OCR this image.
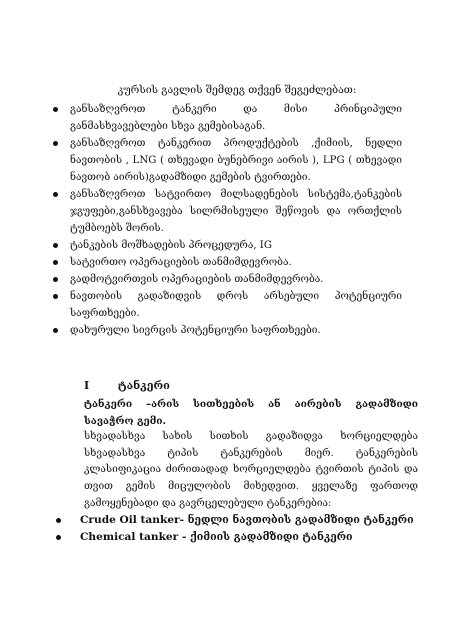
კურსის გავლის შემდეგ თქვენ შეგეძლებათ:
განსაზღვროთ ტანკერი და მისი პრინციპული განმასხვავებლები სხვა გემებისაგან.
განსაზღვროთ ტანკერით პროდუქტების ,ქიმიის, ნედლი ნავთობის , LNG ( თხევადი ბუნებრივი აირის ), LPG ( თხევადი ნავთობ აირის)გადამზიდი გემების ტვირთები.
განსაზღვროთ სატვირთო მილსადენების სისტემა,ტანკების ჯგუფები,განსხვავება სილრმისეული შეწოვის და ორთქლის ტუმბოებს შორის.
ტანკების მოშხადების პროცედურა, IG
სატვირთო ოპერაციების თანმიმდევრობა.
გადმოტვირთვის ოპერაციების თანმიმდევრობა.
ნავთობის გადაზიდვის დროს არსებული პოტენციური საფრთხეები.
დახურული სივრცის პოტენციური საფრთხეები.
I	ტანკერი
ტანკერი –არის სითხეების ან აირების გადამზიდი სავაჭრო გემი.
სხვადასხვა სახის სითხის გადაზიდვა ხორციელდება სხვადასხვა ტიპის ტანკერების მიერ. ტანკერების კლასიფიკაცია ძირითადად ხორციელდება ტვირთის ტიპის და თვით გემის მიცულობის მიხედვით. ყველაზე ფართოდ გამოყენებადი და გავრცელებული ტანკერებია:
Crude Oil tanker- ნედლი ნავთობის გადამზიდი ტანკერი
Chemical tanker - ქიმიის გადამზიდი ტანკერი
